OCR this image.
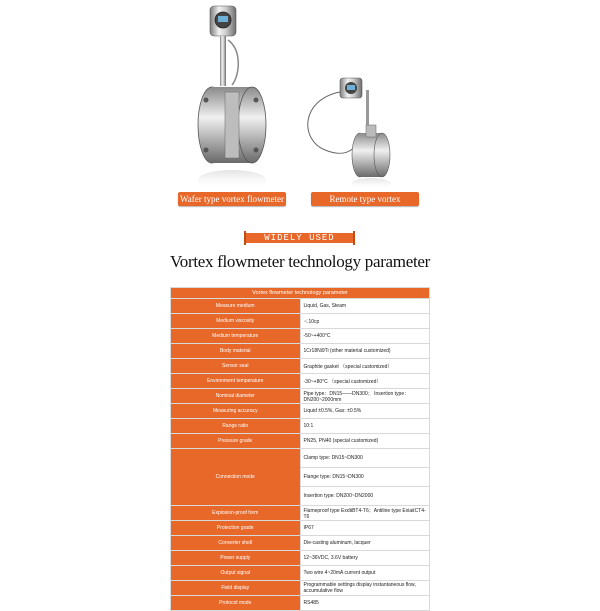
Wafer type vortex flowmeter	Remote type vortex flowmeter
WIDELY USED
Vortex flowmeter technology parameter
Vortex flowmeter technology parameter	
Measure medium	Liquid, Gas, Steam
Medium viscosity	＜10cp
Medium temperature	-50~+400°C
Body material	1Cr18Ni9Ti (other material customized)
Sensor seal	Graphite gasket （special customized）
Environment temperature	-30~+80°C （special customized）
Nominal diameter	Pipe type：DN15——DN300； Insertion type：DN200~2000mm
Measuring accuracy	Liquid ±0.5%, Gas: ±0.5%
Range ratio	10:1
Pressure grade	PN25, PN40 (special customized)
Connection mode	Clamp type: DN15~DN300
	Flange type: DN15~DN300
	Insertion type: DN200~DN2000
Explosion-proof form	Flameproof type ExdⅡBT4-T6；Antiline type ExiaⅡCT4-T6
Protection grade	IP67
Converter shell	Die-casting aluminum, lacquer
Power supply	12~36VDC, 3.6V battery
Output signal	Two wire 4~20mA current output
Field display	Programmable settings display instantaneous flow, accumulative flow
Protocol mode	RS485
